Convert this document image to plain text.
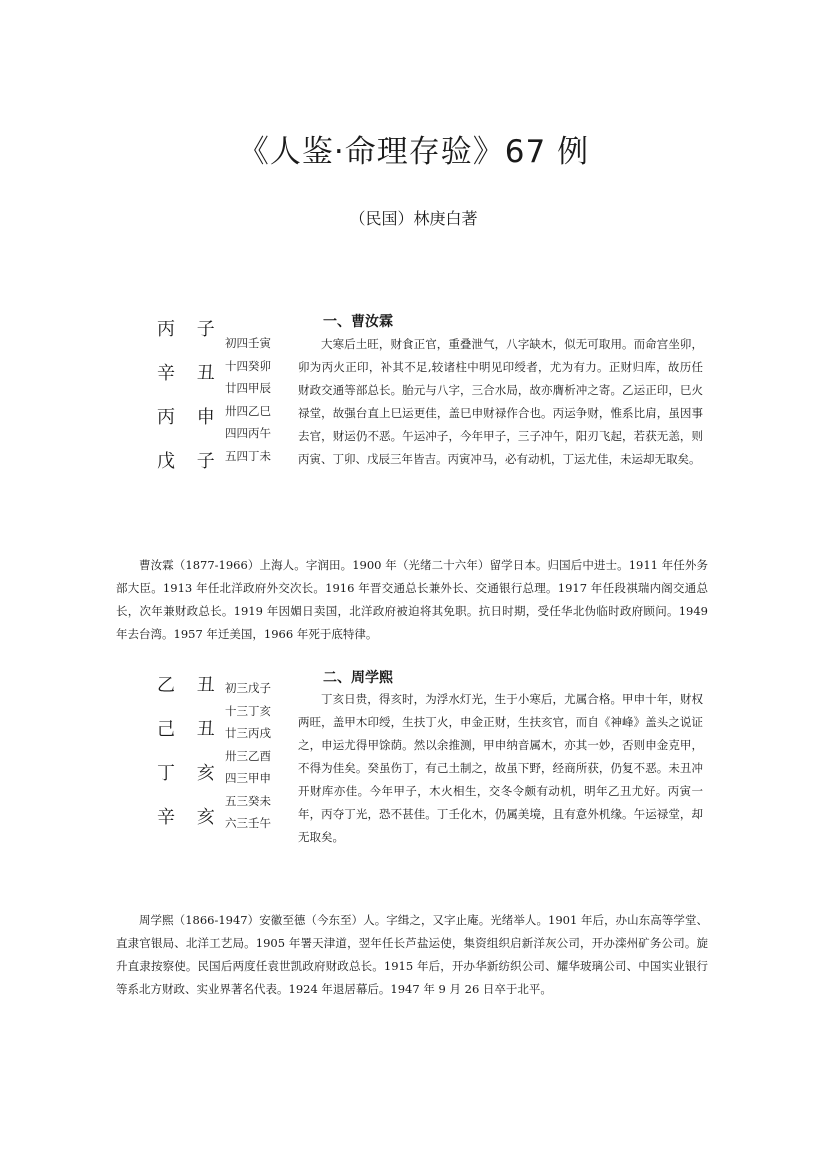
《人鉴·命理存验》67 例
（民国）林庚白著
丙 子
辛 丑
丙 申
戊 子
初四壬寅
十四癸卯
廿四甲辰
卅四乙巳
四四丙午
五四丁未
一、曹汝霖

大寒后土旺，财食正官，重叠泄气，八字缺木，似无可取用。而命宫坐卯，卯为丙火正印，补其不足,较诸柱中明见印绶者，尤为有力。正财归库，故历任财政交通等部总长。胎元与八字，三合水局，故亦膺析冲之寄。乙运正印，巳火禄堂，故强台直上巳运更佳，盖巳申财禄作合也。丙运争财，惟系比肩，虽因事去官，财运仍不恶。午运冲子，今年甲子，三子冲午，阳刃飞起，若获无恙，则丙寅、丁卯、戊辰三年皆吉。丙寅冲马，必有动机，丁运尤佳，未运却无取矣。

曹汝霖（1877-1966）上海人。字润田。1900 年（光绪二十六年）留学日本。归国后中进士。1911 年任外务部大臣。1913 年任北洋政府外交次长。1916 年晋交通总长兼外长、交通银行总理。1917 年任段祺瑞内阁交通总长，次年兼财政总长。1919 年因媚日卖国，北洋政府被迫将其免职。抗日时期，受任华北伪临时政府顾问。1949 年去台湾。1957 年迁美国，1966 年死于底特律。

乙 丑
己 丑
丁 亥
辛 亥
初三戊子
十三丁亥
廿三丙戌
卅三乙酉
四三甲申
五三癸未
六三壬午
二、周学熙

丁亥日贵，得亥时，为浮水灯光，生于小寒后，尤属合格。甲申十年，财权两旺，盖甲木印绶，生扶丁火，申金正财，生扶亥官，而自《神峰》盖头之说证之，申运尤得甲馀荫。然以余推测，甲申纳音属木，亦其一妙，否则申金克甲，不得为佳矣。癸虽伤丁，有己土制之，故虽下野，经商所获，仍复不恶。未丑冲开财库亦佳。今年甲子，木火相生，交冬令颇有动机，明年乙丑尤好。丙寅一年，丙夺丁光，恐不甚佳。丁壬化木，仍属美境，且有意外机缘。午运禄堂，却无取矣。

周学熙（1866-1947）安徽至德（今东至）人。字缉之，又字止庵。光绪举人。1901 年后，办山东高等学堂、直隶官银局、北洋工艺局。1905 年署天津道，翌年任长芦盐运使，集资组织启新洋灰公司，开办滦州矿务公司。旋升直隶按察使。民国后两度任袁世凯政府财政总长。1915 年后，开办华新纺织公司、耀华玻璃公司、中国实业银行等系北方财政、实业界著名代表。1924 年退居幕后。1947 年 9 月 26 日卒于北平。
